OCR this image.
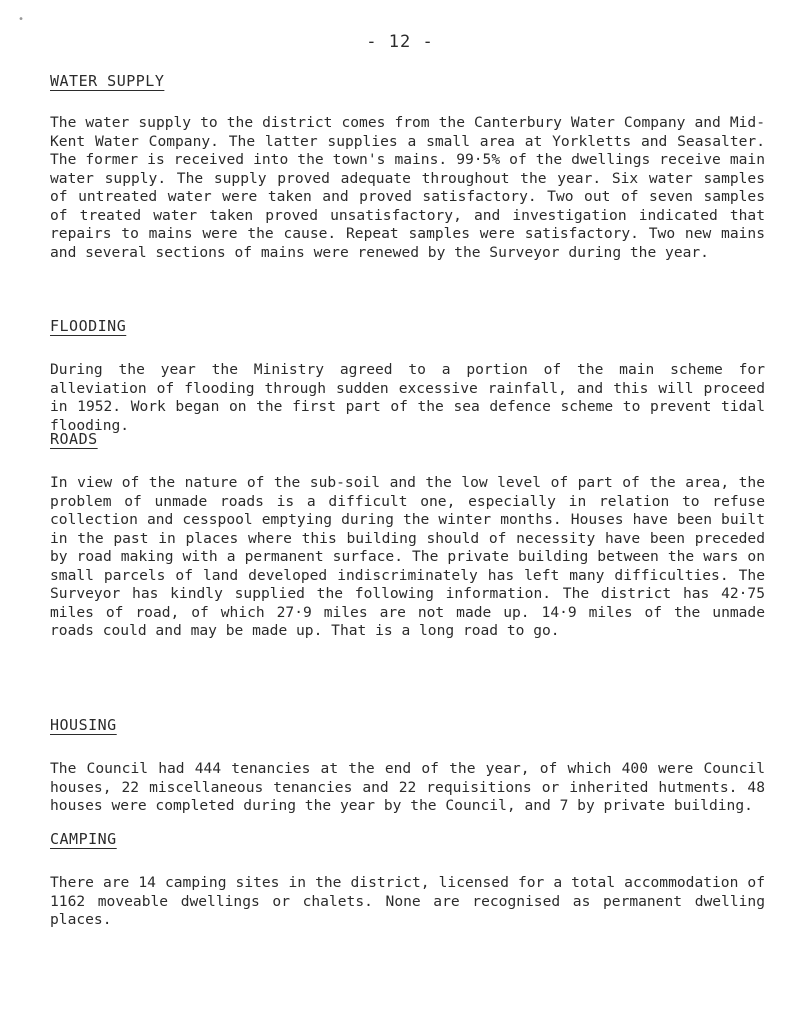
•
- 12 -
WATER SUPPLY

The water supply to the district comes from the Canterbury Water Company and Mid-Kent Water Company. The latter supplies a small area at Yorkletts and Seasalter. The former is received into the town's mains. 99·5% of the dwellings receive main water supply. The supply proved adequate throughout the year. Six water samples of untreated water were taken and proved satisfactory. Two out of seven samples of treated water taken proved unsatisfactory, and investigation indicated that repairs to mains were the cause. Repeat samples were satisfactory. Two new mains and several sections of mains were renewed by the Surveyor during the year.

FLOODING

During the year the Ministry agreed to a portion of the main scheme for alleviation of flooding through sudden excessive rainfall, and this will proceed in 1952. Work began on the first part of the sea defence scheme to prevent tidal flooding.

ROADS

In view of the nature of the sub-soil and the low level of part of the area, the problem of unmade roads is a difficult one, especially in relation to refuse collection and cesspool emptying during the winter months. Houses have been built in the past in places where this building should of necessity have been preceded by road making with a permanent surface. The private building between the wars on small parcels of land developed indiscriminately has left many difficulties. The Surveyor has kindly supplied the following information. The district has 42·75 miles of road, of which 27·9 miles are not made up. 14·9 miles of the unmade roads could and may be made up. That is a long road to go.

HOUSING

The Council had 444 tenancies at the end of the year, of which 400 were Council houses, 22 miscellaneous tenancies and 22 requisitions or inherited hutments. 48 houses were completed during the year by the Council, and 7 by private building.

CAMPING

There are 14 camping sites in the district, licensed for a total accommodation of 1162 moveable dwellings or chalets. None are recognised as permanent dwelling places.
